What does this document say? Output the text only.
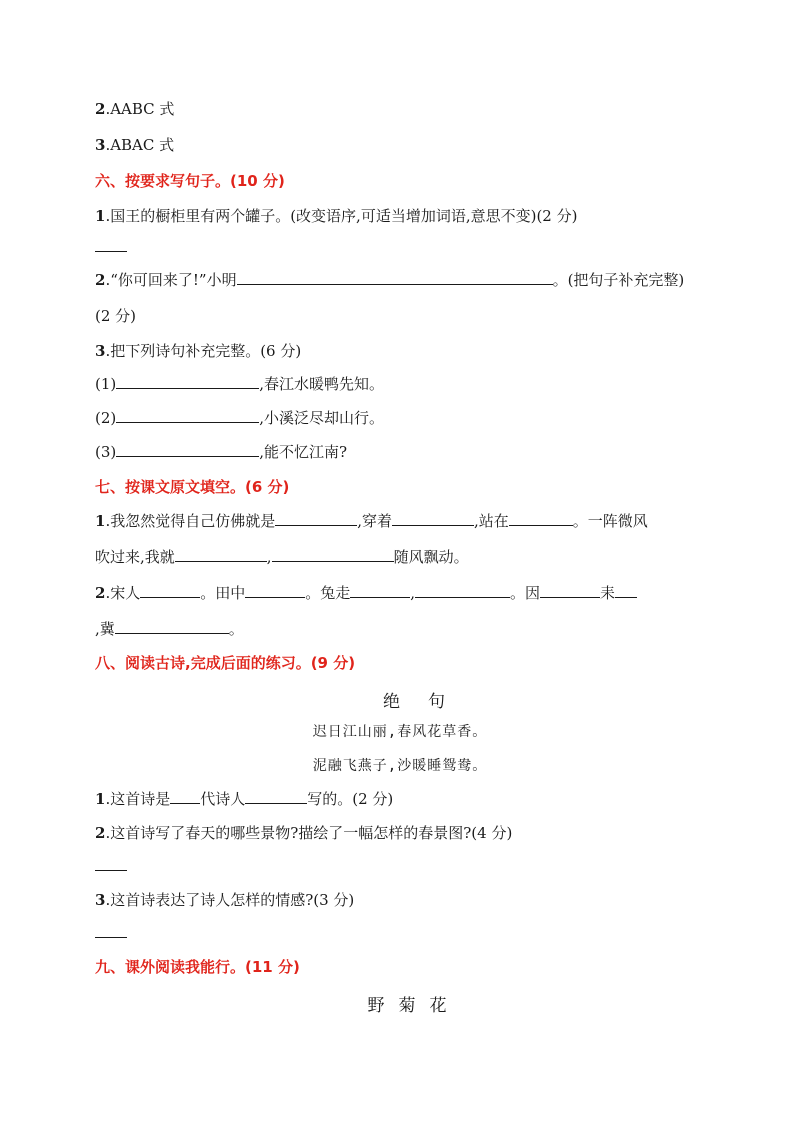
2.AABC 式
3.ABAC 式
六、按要求写句子。(10 分)
1.国王的橱柜里有两个罐子。(改变语序,可适当增加词语,意思不变)(2 分)
2.“你可回来了!”小明	。(把句子补充完整)
(2 分)
3.把下列诗句补充完整。(6 分)
(1)	,春江水暖鸭先知。
(2)	,小溪泛尽却山行。
(3)	,能不忆江南?
七、按课文原文填空。(6 分)
1.我忽然觉得自己仿佛就是	,穿着	,站在	。一阵微风
吹过来,我就	,	随风飘动。
2.宋人	。田中	。兔走	,	。因	耒
,冀	。
八、阅读古诗,完成后面的练习。(9 分)
绝句
迟日江山丽,春风花草香。
泥融飞燕子,沙暖睡鸳鸯。
1.这首诗是 代诗人	写的。(2 分)
2.这首诗写了春天的哪些景物?描绘了一幅怎样的春景图?(4 分)
3.这首诗表达了诗人怎样的情感?(3 分)
九、课外阅读我能行。(11 分)
野菊花
